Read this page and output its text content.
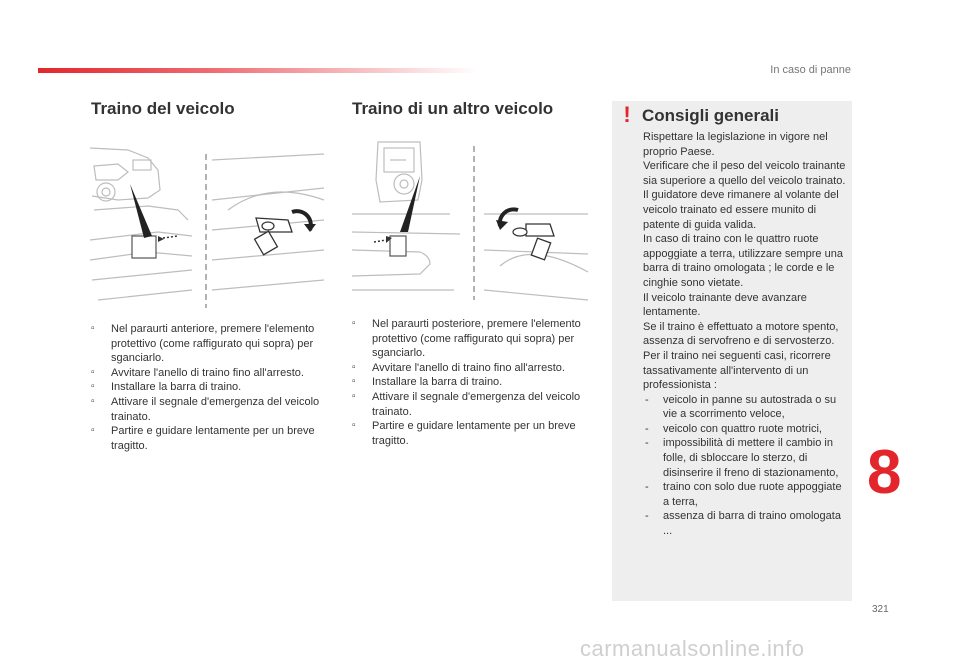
In caso di panne
Traino del veicolo
▫ Nel paraurti anteriore, premere l'elemento protettivo (come raffigurato qui sopra) per sganciarlo.
▫ Avvitare l'anello di traino fino all'arresto.
▫ Installare la barra di traino.
▫ Attivare il segnale d'emergenza del veicolo trainato.
▫ Partire e guidare lentamente per un breve tragitto.
Traino di un altro veicolo
▫ Nel paraurti posteriore, premere l'elemento protettivo (come raffigurato qui sopra) per sganciarlo.
▫ Avvitare l'anello di traino fino all'arresto.
▫ Installare la barra di traino.
▫ Attivare il segnale d'emergenza del veicolo trainato.
▫ Partire e guidare lentamente per un breve tragitto.
! Consigli generali

Rispettare la legislazione in vigore nel proprio Paese.

Verificare che il peso del veicolo trainante sia superiore a quello del veicolo trainato.

Il guidatore deve rimanere al volante del veicolo trainato ed essere munito di patente di guida valida.

In caso di traino con le quattro ruote appoggiate a terra, utilizzare sempre una barra di traino omologata ; le corde e le cinghie sono vietate.

Il veicolo trainante deve avanzare lentamente.

Se il traino è effettuato a motore spento, assenza di servofreno e di servosterzo.

Per il traino nei seguenti casi, ricorrere tassativamente all'intervento di un professionista :

- veicolo in panne su autostrada o su vie a scorrimento veloce,
- veicolo con quattro ruote motrici,
- impossibilità di mettere il cambio in folle, di sbloccare lo sterzo, di disinserire il freno di stazionamento,
- traino con solo due ruote appoggiate a terra,
- assenza di barra di traino omologata ...
8
321
carmanualsonline.info
